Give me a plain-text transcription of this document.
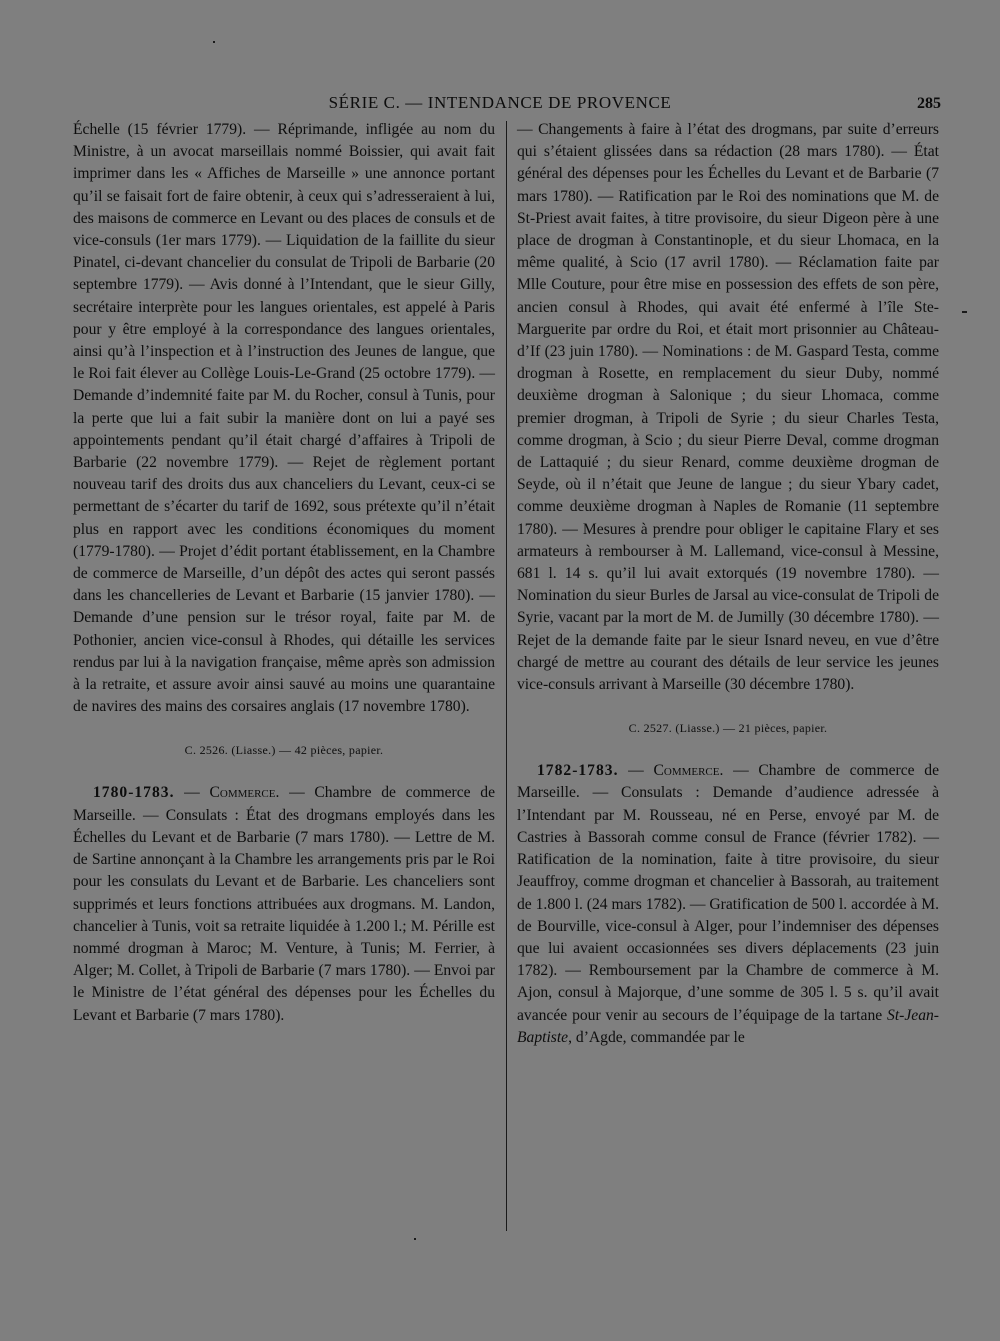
SÉRIE C. — INTENDANCE DE PROVENCE	285

Échelle (15 février 1779). — Réprimande, infligée au nom du Ministre, à un avocat marseillais nommé Boissier, qui avait fait imprimer dans les « Affiches de Marseille » une annonce portant qu’il se faisait fort de faire obtenir, à ceux qui s’adresseraient à lui, des maisons de commerce en Levant ou des places de consuls et de vice-consuls (1er mars 1779). — Liquidation de la faillite du sieur Pinatel, ci-devant chancelier du consulat de Tripoli de Barbarie (20 septembre 1779). — Avis donné à l’Intendant, que le sieur Gilly, secrétaire interprète pour les langues orientales, est appelé à Paris pour y être employé à la correspondance des langues orientales, ainsi qu’à l’inspection et à l’instruction des Jeunes de langue, que le Roi fait élever au Collège Louis-Le-Grand (25 octobre 1779). — Demande d’indemnité faite par M. du Rocher, consul à Tunis, pour la perte que lui a fait subir la manière dont on lui a payé ses appointements pendant qu’il était chargé d’affaires à Tripoli de Barbarie (22 novembre 1779). — Rejet de règlement portant nouveau tarif des droits dus aux chanceliers du Levant, ceux-ci se permettant de s’écarter du tarif de 1692, sous prétexte qu’il n’était plus en rapport avec les conditions économiques du moment (1779-1780). — Projet d’édit portant établissement, en la Chambre de commerce de Marseille, d’un dépôt des actes qui seront passés dans les chancelleries de Levant et Barbarie (15 janvier 1780). — Demande d’une pension sur le trésor royal, faite par M. de Pothonier, ancien vice-consul à Rhodes, qui détaille les services rendus par lui à la navigation française, même après son admission à la retraite, et assure avoir ainsi sauvé au moins une quarantaine de navires des mains des corsaires anglais (17 novembre 1780).

C. 2526. (Liasse.) — 42 pièces, papier.

1780-1783. — Commerce. — Chambre de commerce de Marseille. — Consulats : État des drogmans employés dans les Échelles du Levant et de Barbarie (7 mars 1780). — Lettre de M. de Sartine annonçant à la Chambre les arrangements pris par le Roi pour les consulats du Levant et de Barbarie. Les chanceliers sont supprimés et leurs fonctions attribuées aux drogmans. M. Landon, chancelier à Tunis, voit sa retraite liquidée à 1.200 l.; M. Pérille est nommé drogman à Maroc; M. Venture, à Tunis; M. Ferrier, à Alger; M. Collet, à Tripoli de Barbarie (7 mars 1780). — Envoi par le Ministre de l’état général des dépenses pour les Échelles du Levant et Barbarie (7 mars 1780).

— Changements à faire à l’état des drogmans, par suite d’erreurs qui s’étaient glissées dans sa rédaction (28 mars 1780). — État général des dépenses pour les Échelles du Levant et de Barbarie (7 mars 1780). — Ratification par le Roi des nominations que M. de St-Priest avait faites, à titre provisoire, du sieur Digeon père à une place de drogman à Constantinople, et du sieur Lhomaca, en la même qualité, à Scio (17 avril 1780). — Réclamation faite par Mlle Couture, pour être mise en possession des effets de son père, ancien consul à Rhodes, qui avait été enfermé à l’île Ste-Marguerite par ordre du Roi, et était mort prisonnier au Château-d’If (23 juin 1780). — Nominations : de M. Gaspard Testa, comme drogman à Rosette, en remplacement du sieur Duby, nommé deuxième drogman à Salonique ; du sieur Lhomaca, comme premier drogman, à Tripoli de Syrie ; du sieur Charles Testa, comme drogman, à Scio ; du sieur Pierre Deval, comme drogman de Lattaquié ; du sieur Renard, comme deuxième drogman de Seyde, où il n’était que Jeune de langue ; du sieur Ybary cadet, comme deuxième drogman à Naples de Romanie (11 septembre 1780). — Mesures à prendre pour obliger le capitaine Flary et ses armateurs à rembourser à M. Lallemand, vice-consul à Messine, 681 l. 14 s. qu’il lui avait extorqués (19 novembre 1780). — Nomination du sieur Burles de Jarsal au vice-consulat de Tripoli de Syrie, vacant par la mort de M. de Jumilly (30 décembre 1780). — Rejet de la demande faite par le sieur Isnard neveu, en vue d’être chargé de mettre au courant des détails de leur service les jeunes vice-consuls arrivant à Marseille (30 décembre 1780).

C. 2527. (Liasse.) — 21 pièces, papier.

1782-1783. — Commerce. — Chambre de commerce de Marseille. — Consulats : Demande d’audience adressée à l’Intendant par M. Rousseau, né en Perse, envoyé par M. de Castries à Bassorah comme consul de France (février 1782). — Ratification de la nomination, faite à titre provisoire, du sieur Jeauffroy, comme drogman et chancelier à Bassorah, au traitement de 1.800 l. (24 mars 1782). — Gratification de 500 l. accordée à M. de Bourville, vice-consul à Alger, pour l’indemniser des dépenses que lui avaient occasionnées ses divers déplacements (23 juin 1782). — Remboursement par la Chambre de commerce à M. Ajon, consul à Majorque, d’une somme de 305 l. 5 s. qu’il avait avancée pour venir au secours de l’équipage de la tartane St-Jean-Baptiste, d’Agde, commandée par le
